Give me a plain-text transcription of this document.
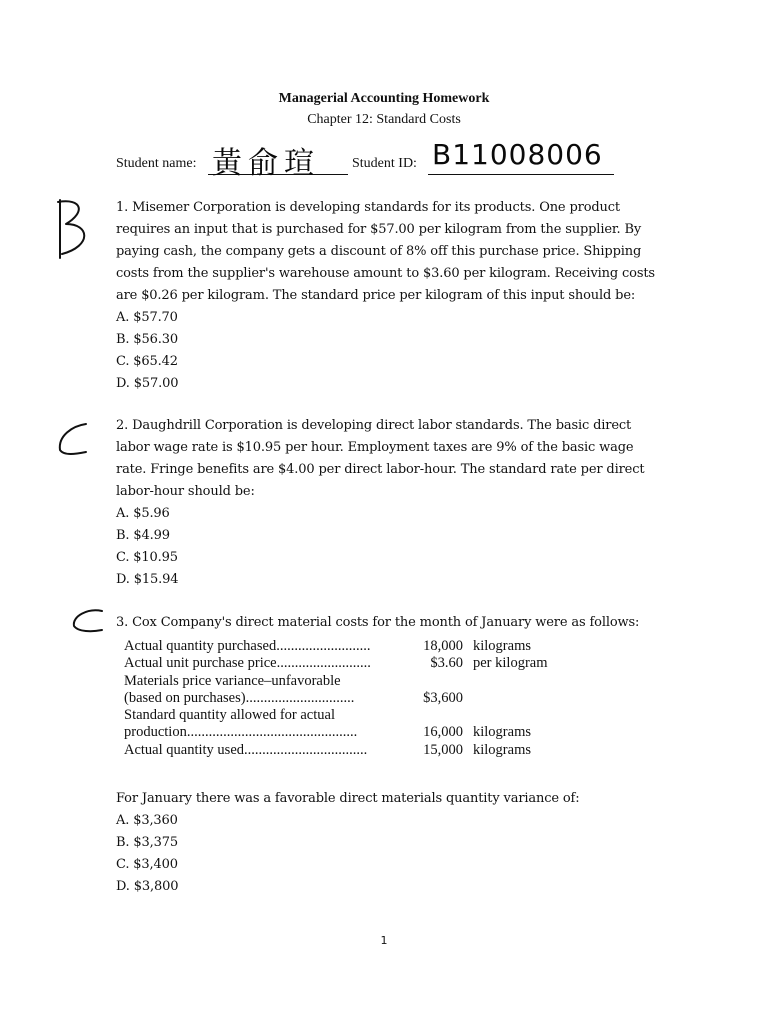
Managerial Accounting Homework
Chapter 12: Standard Costs
Student name: 黃俞瑄 Student ID: B11008006

1. Misemer Corporation is developing standards for its products. One product requires an input that is purchased for $57.00 per kilogram from the supplier. By paying cash, the company gets a discount of 8% off this purchase price. Shipping costs from the supplier's warehouse amount to $3.60 per kilogram. Receiving costs are $0.26 per kilogram. The standard price per kilogram of this input should be:

A. $57.70
B. $56.30
C. $65.42
D. $57.00

2. Daughdrill Corporation is developing direct labor standards. The basic direct labor wage rate is $10.95 per hour. Employment taxes are 9% of the basic wage rate. Fringe benefits are $4.00 per direct labor-hour. The standard rate per direct labor-hour should be:

A. $5.96
B. $4.99
C. $10.95
D. $15.94

3. Cox Company's direct material costs for the month of January were as follows:

Actual quantity purchased..........................	18,000	kilograms
Actual unit purchase price..........................	$3.60	per kilogram
Materials price variance–unfavorable		
(based on purchases)..............................	$3,600	
Standard quantity allowed for actual		
production...............................................	16,000	kilograms
Actual quantity used..................................	15,000	kilograms

For January there was a favorable direct materials quantity variance of:

A. $3,360
B. $3,375
C. $3,400
D. $3,800
1
